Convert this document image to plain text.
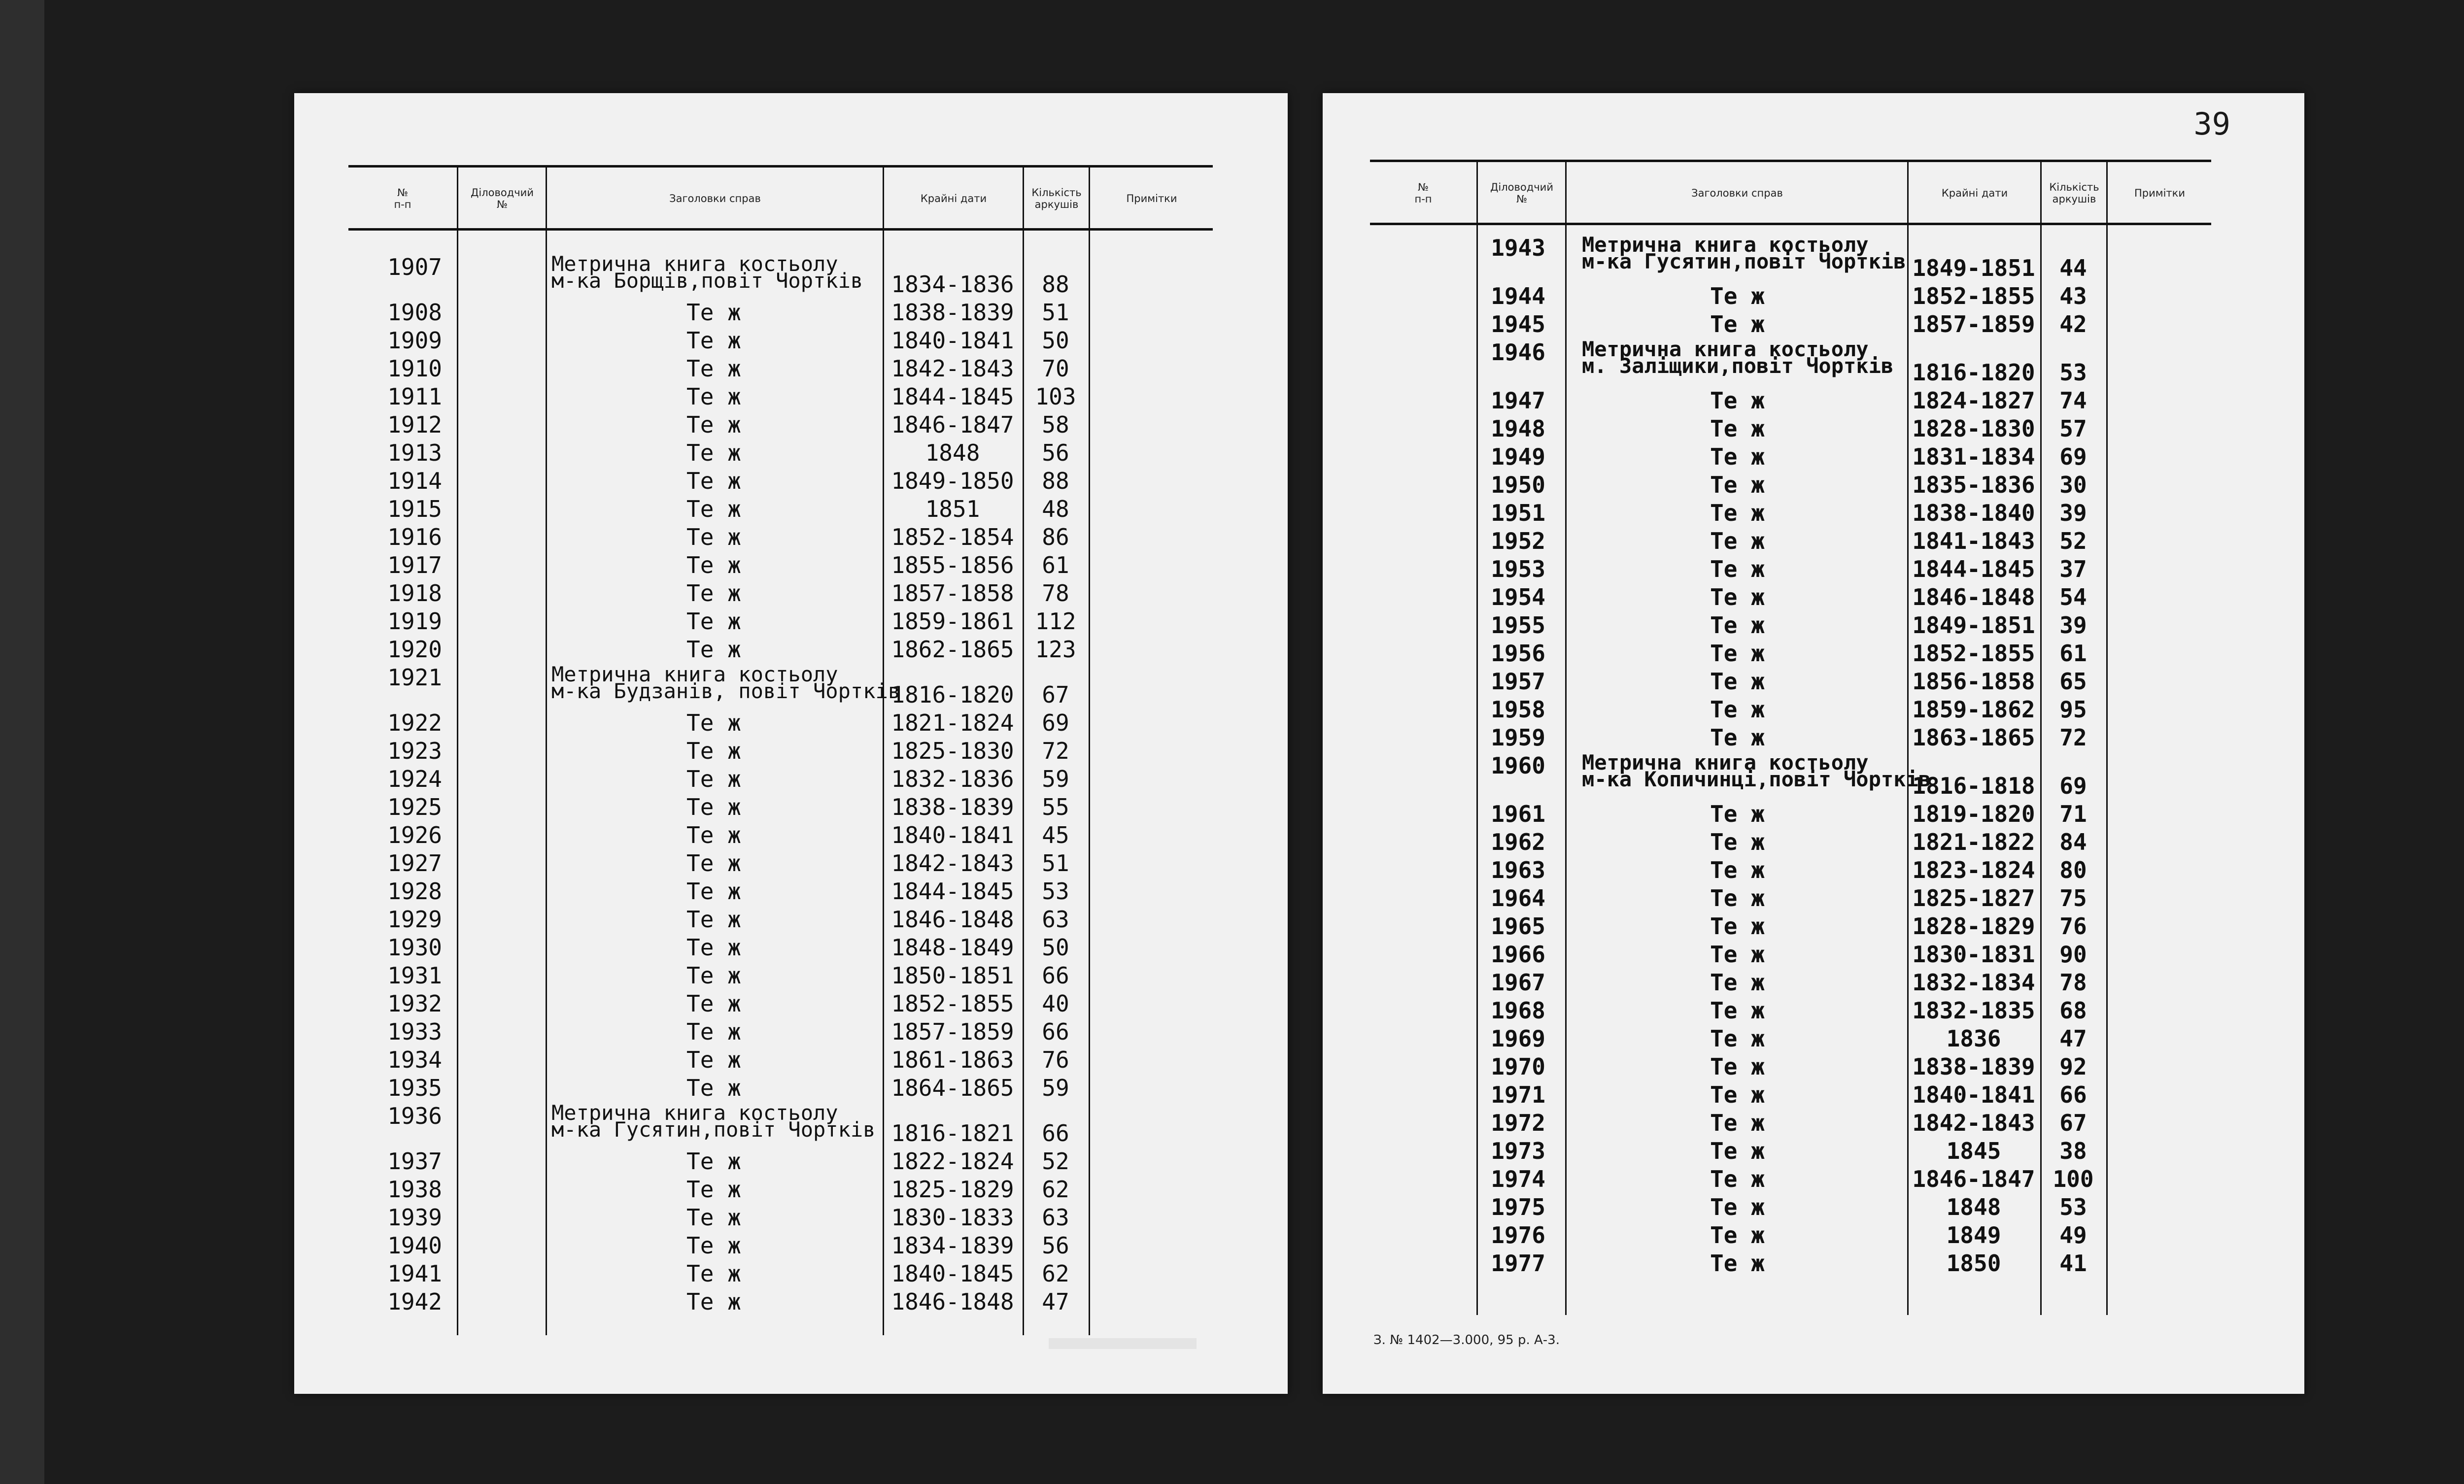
№
п-п
Діловодчий
№	Заголовки справ	Крайні дати	Кількість
аркушів	Примітки
1907	Метрична книга костьолу
м-ка Борщів,повіт Чортків	1834-1836	88
1908	Те ж	1838-1839	51
1909	Те ж	1840-1841	50
1910	Те ж	1842-1843	70
1911	Те ж	1844-1845 103
1912	Те ж	1846-1847	58
1913	Те ж	1848	56
1914	Те ж	1849-1850	88
1915	Те ж	1851	48
1916	Те ж	1852-1854	86
1917	Те ж	1855-1856	61
1918	Те ж	1857-1858	78
1919	Те ж	1859-1861 112
1920	Те ж	1862-1865 123
1921	Метрична книга костьолу
м-ка Будзанів, повіт Чортків
1816-1820	67
1922	Те ж	1821-1824	69
1923	Те ж	1825-1830	72
1924	Те ж	1832-1836	59
1925	Те ж	1838-1839	55
1926	Те ж	1840-1841	45
1927	Те ж	1842-1843	51
1928	Те ж	1844-1845	53
1929	Те ж	1846-1848	63
1930	Те ж	1848-1849	50
1931	Те ж	1850-1851	66
1932	Те ж	1852-1855	40
1933	Те ж	1857-1859	66
1934	Те ж	1861-1863	76
1935	Те ж	1864-1865	59
1936	Метрична книга костьолу
м-ка Гусятин,повіт Чортків 1816-1821	66
1937	Те ж	1822-1824	52
1938	Те ж	1825-1829	62
1939	Те ж	1830-1833	63
1940	Те ж	1834-1839	56
1941	Те ж	1840-1845	62
1942	Те ж	1846-1848	47
39
№
п-п
Діловодчий
№	Заголовки справ	Крайні дати	Кількість
аркушів	Примітки
1943 Метрична книга костьолу
м-ка Гусятин,повіт Чортків 1849-1851	44
1944	Те ж	1852-1855	43
1945	Те ж	1857-1859	42
1946 Метрична книга костьолу
м. Заліщики,повіт Чортків 1816-1820	53
1947	Те ж	1824-1827	74
1948	Те ж	1828-1830	57
1949	Те ж	1831-1834	69
1950	Те ж	1835-1836	30
1951	Те ж	1838-1840	39
1952	Те ж	1841-1843	52
1953	Те ж	1844-1845	37
1954	Те ж	1846-1848	54
1955	Те ж	1849-1851	39
1956	Те ж	1852-1855	61
1957	Те ж	1856-1858	65
1958	Те ж	1859-1862	95
1959	Те ж	1863-1865	72
1960 Метрична книга костьолу
м-ка Копичинці,повіт Чортків
1816-1818	69
1961	Те ж	1819-1820	71
1962	Те ж	1821-1822	84
1963	Те ж	1823-1824	80
1964	Те ж	1825-1827	75
1965	Те ж	1828-1829	76
1966	Те ж	1830-1831	90
1967	Те ж	1832-1834	78
1968	Те ж	1832-1835	68
1969	Те ж	1836	47
1970	Те ж	1838-1839	92
1971	Те ж	1840-1841	66
1972	Те ж	1842-1843	67
1973	Те ж	1845	38
1974	Те ж	1846-1847 100
1975	Те ж	1848	53
1976	Те ж	1849	49
1977	Те ж	1850	41
З. № 1402—3.000, 95 р. А-3.
